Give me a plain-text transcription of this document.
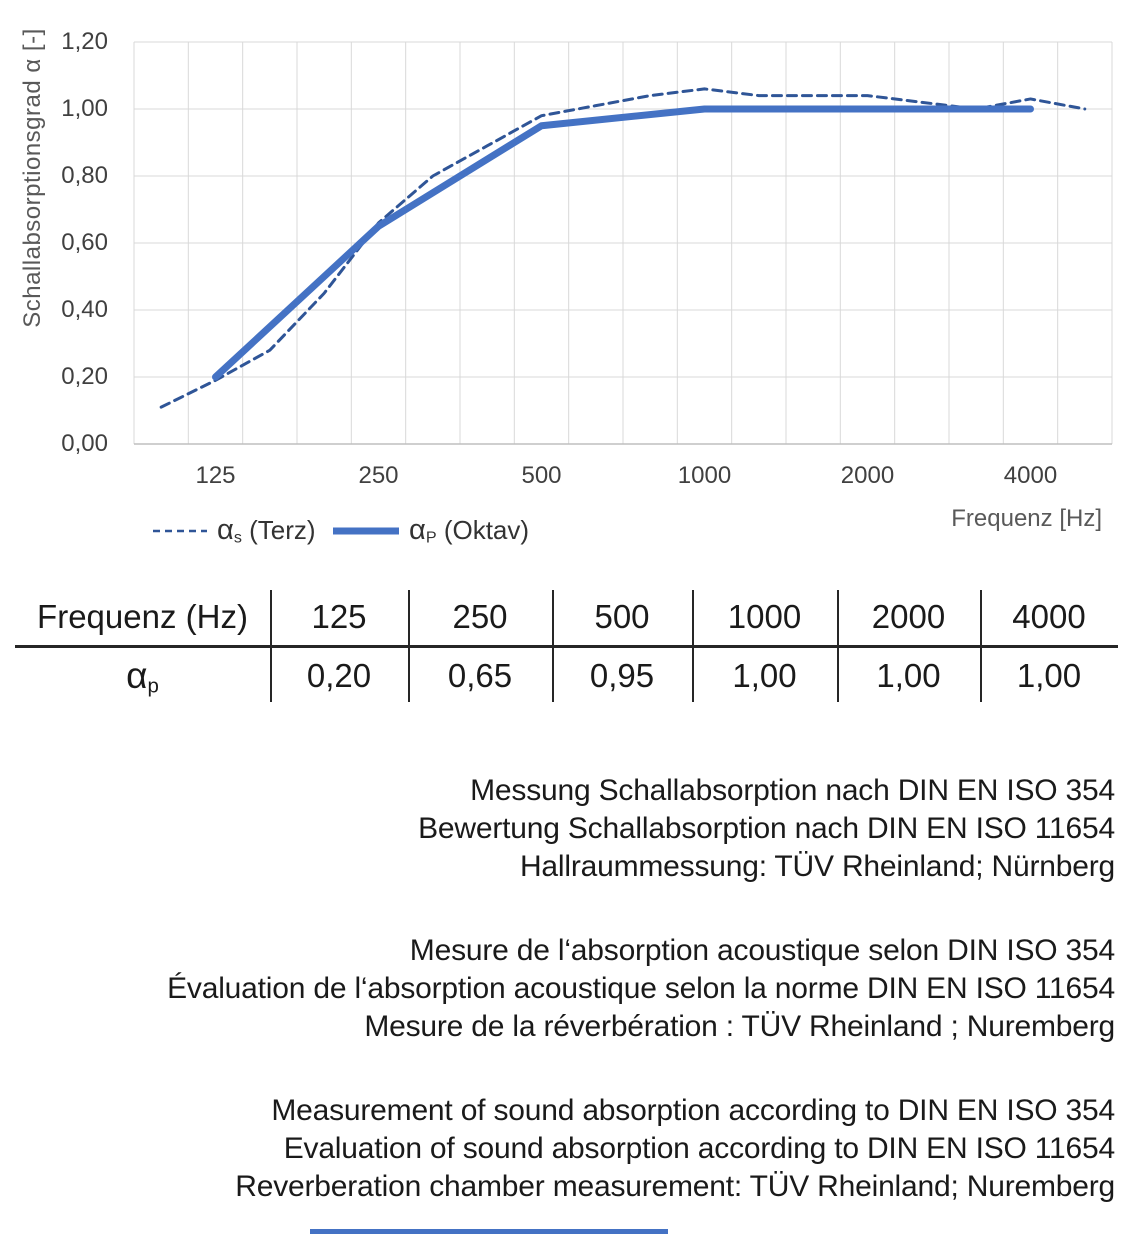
Schallabsorptionsgrad α [-]
0,00
0,20
0,40
0,60
0,80
1,00
1,20
125	250	500	1000	2000	4000
Frequenz [Hz]
$\alpha_s$ (Terz)	$\alpha_P$ (Oktav)
Frequenz (Hz)	125	250	500	1000	2000	4000
$\alpha_p$	0,20	0,65	0,95	1,00	1,00	1,00
Messung Schallabsorption nach DIN EN ISO 354
Bewertung Schallabsorption nach DIN EN ISO 11654
Hallraummessung: TÜV Rheinland; Nürnberg
Mesure de l‘absorption acoustique selon DIN ISO 354
Évaluation de l‘absorption acoustique selon la norme DIN EN ISO 11654
Mesure de la réverbération : TÜV Rheinland ; Nuremberg
Measurement of sound absorption according to DIN EN ISO 354
Evaluation of sound absorption according to DIN EN ISO 11654
Reverberation chamber measurement: TÜV Rheinland; Nuremberg
